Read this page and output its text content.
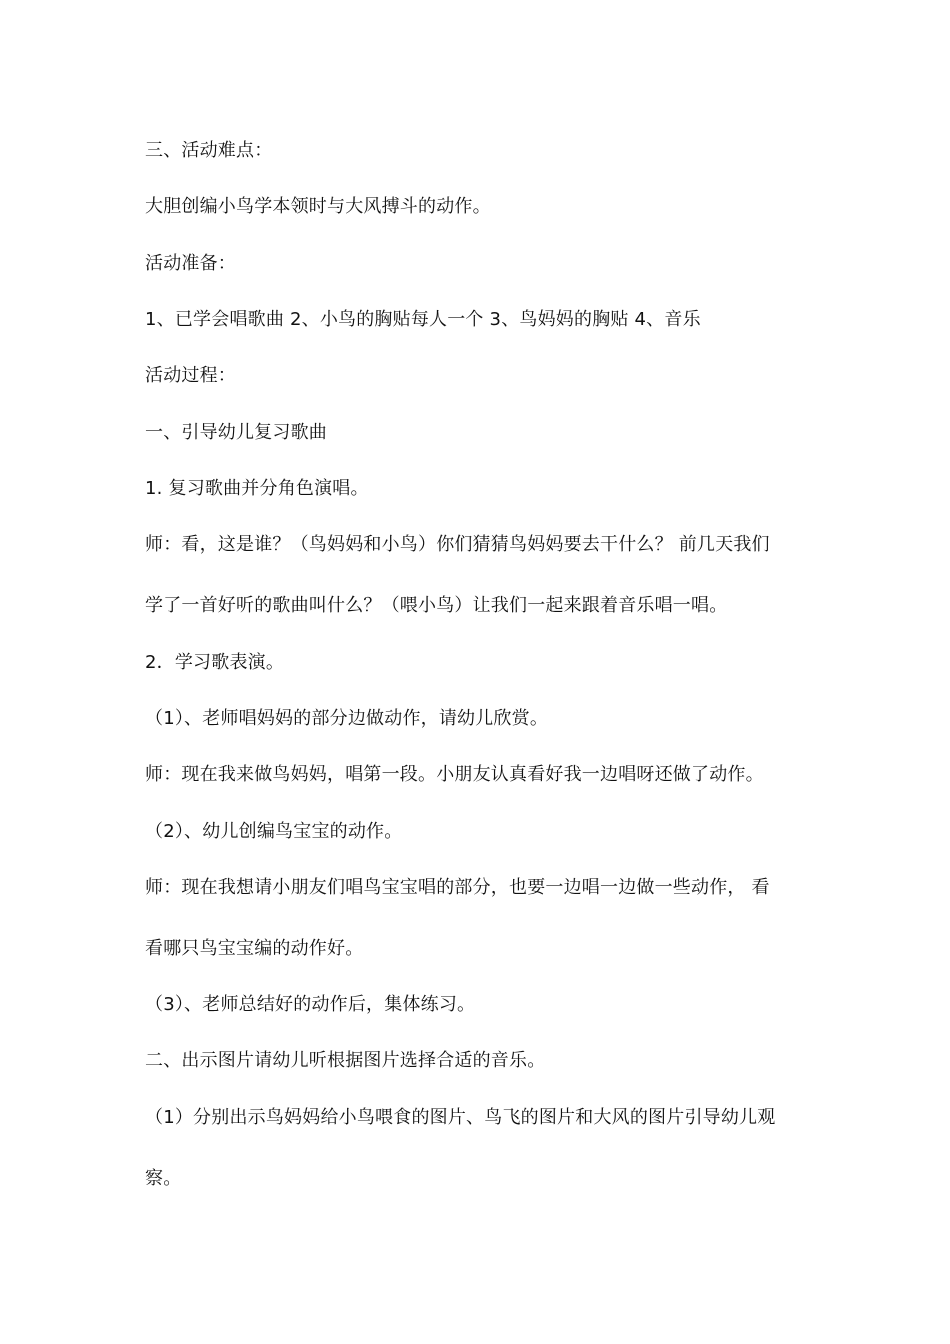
三、活动难点：
大胆创编小鸟学本领时与大风搏斗的动作。
活动准备：
1、已学会唱歌曲 2、小鸟的胸贴每人一个 3、鸟妈妈的胸贴 4、音乐
活动过程：
一、引导幼儿复习歌曲
1. 复习歌曲并分角色演唱。
师：看，这是谁？（鸟妈妈和小鸟）你们猜猜鸟妈妈要去干什么？ 前几天我们
学了一首好听的歌曲叫什么？（喂小鸟）让我们一起来跟着音乐唱一唱。
2．学习歌表演。
（1）、老师唱妈妈的部分边做动作，请幼儿欣赏。
师：现在我来做鸟妈妈，唱第一段。小朋友认真看好我一边唱呀还做了动作。
（2）、幼儿创编鸟宝宝的动作。
师：现在我想请小朋友们唱鸟宝宝唱的部分，也要一边唱一边做一些动作， 看
看哪只鸟宝宝编的动作好。
（3）、老师总结好的动作后，集体练习。
二、出示图片请幼儿听根据图片选择合适的音乐。
（1）分别出示鸟妈妈给小鸟喂食的图片、鸟飞的图片和大风的图片引导幼儿观
察。
